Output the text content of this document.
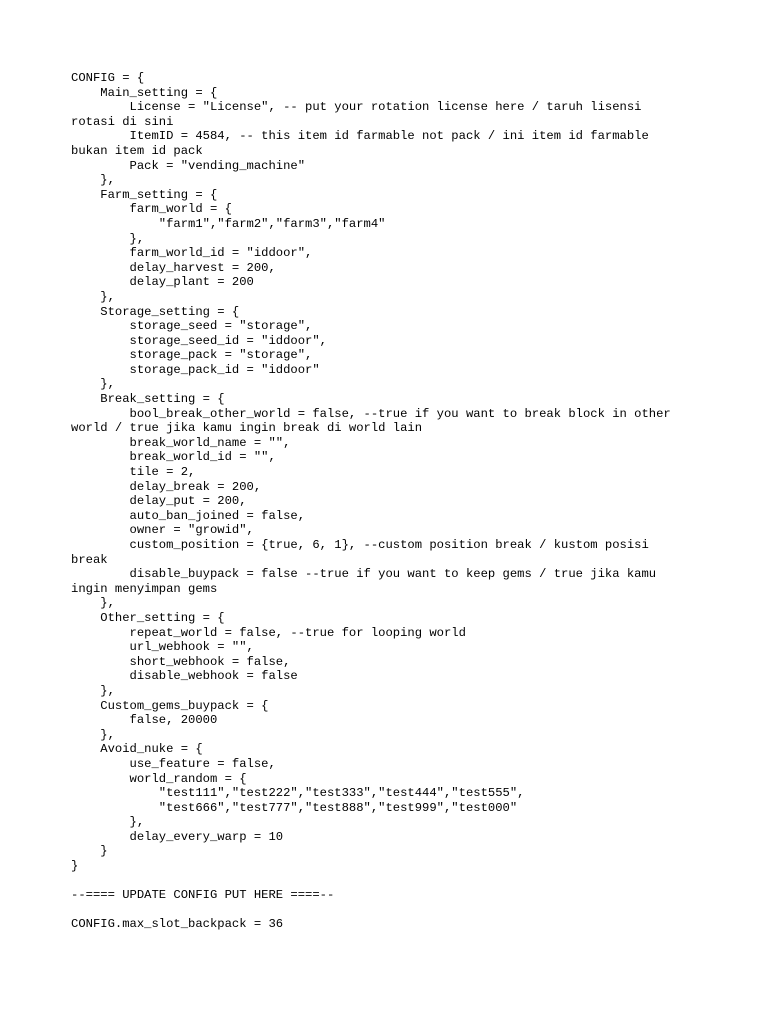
CONFIG = {
Main_setting = {
License = "License", -- put your rotation license here / taruh lisensi
rotasi di sini
ItemID = 4584, -- this item id farmable not pack / ini item id farmable
bukan item id pack
Pack = "vending_machine"
},
Farm_setting = {
farm_world = {
"farm1","farm2","farm3","farm4"
},
farm_world_id = "iddoor",
delay_harvest = 200,
delay_plant = 200
},
Storage_setting = {
storage_seed = "storage",
storage_seed_id = "iddoor",
storage_pack = "storage",
storage_pack_id = "iddoor"
},
Break_setting = {
bool_break_other_world = false, --true if you want to break block in other
world / true jika kamu ingin break di world lain
break_world_name = "",
break_world_id = "",
tile = 2,
delay_break = 200,
delay_put = 200,
auto_ban_joined = false,
owner = "growid",
custom_position = {true, 6, 1}, --custom position break / kustom posisi
break
disable_buypack = false --true if you want to keep gems / true jika kamu
ingin menyimpan gems
},
Other_setting = {
repeat_world = false, --true for looping world
url_webhook = "",
short_webhook = false,
disable_webhook = false
},
Custom_gems_buypack = {
false, 20000
},
Avoid_nuke = {
use_feature = false,
world_random = {
"test111","test222","test333","test444","test555",
"test666","test777","test888","test999","test000"
},
delay_every_warp = 10
}
}
--==== UPDATE CONFIG PUT HERE ====--
CONFIG.max_slot_backpack = 36
